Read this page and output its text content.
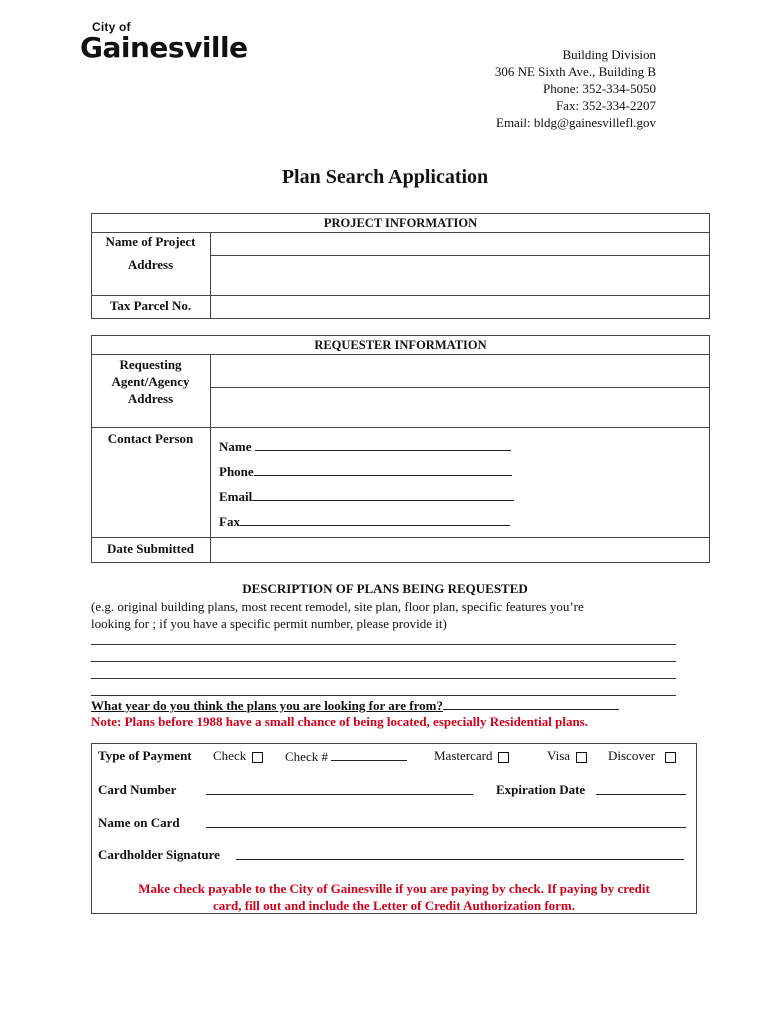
City of
Gainesville	Building Division
306 NE Sixth Ave., Building B
Phone: 352-334-5050
Fax: 352-334-2207
Email: bldg@gainesvillefl.gov
Plan Search Application
PROJECT INFORMATION
Name of Project
Address
Tax Parcel No.
REQUESTER INFORMATION
Requesting
Agent/Agency
Address
Contact Person
Name
Phone
Email
Fax
Date Submitted
DESCRIPTION OF PLANS BEING REQUESTED
(e.g. original building plans, most recent remodel, site plan, floor plan, specific features you’re
looking for ; if you have a specific permit number, please provide it)
What year do you think the plans you are looking for are from?
Note: Plans before 1988 have a small chance of being located, especially Residential plans.
Type of Payment Check	Check #	Mastercard	Visa	Discover
Card Number	Expiration Date
Name on Card
Cardholder Signature
Make check payable to the City of Gainesville if you are paying by check. If paying by credit
card, fill out and include the Letter of Credit Authorization form.
